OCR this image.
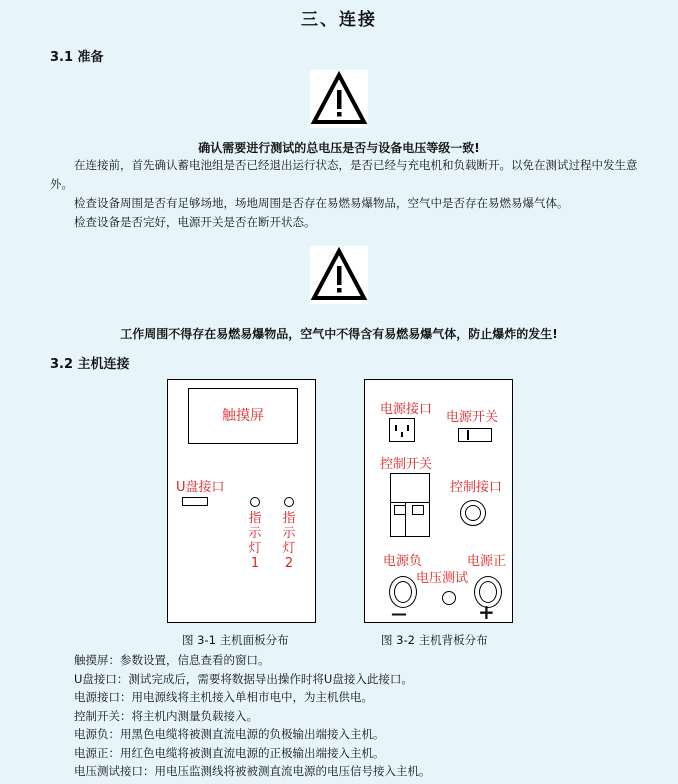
三、连接
3.1 准备
确认需要进行测试的总电压是否与设备电压等级一致!
在连接前，首先确认蓄电池组是否已经退出运行状态，是否已经与充电机和负载断开。以免在测试过程中发生意外。
检查设备周围是否有足够场地，场地周围是否存在易燃易爆物品，空气中是否存在易燃易爆气体。
检查设备是否完好，电源开关是否在断开状态。
工作周围不得存在易燃易爆物品，空气中不得含有易燃易爆气体，防止爆炸的发生!
3.2 主机连接
触摸屏
U盘接口
指
示
灯
1
指
示
灯
2
图 3-1 主机面板分布
电源接口
电源开关
控制开关
控制接口
电源负	电源正
电压测试
—	+
图 3-2 主机背板分布
触摸屏：参数设置，信息查看的窗口。
U盘接口：测试完成后，需要将数据导出操作时将U盘接入此接口。
电源接口：用电源线将主机接入单相市电中，为主机供电。
控制开关：将主机内测量负载接入。
电源负：用黑色电缆将被测直流电源的负极输出端接入主机。
电源正：用红色电缆将被测直流电源的正极输出端接入主机。
电压测试接口：用电压监测线将被被测直流电源的电压信号接入主机。
